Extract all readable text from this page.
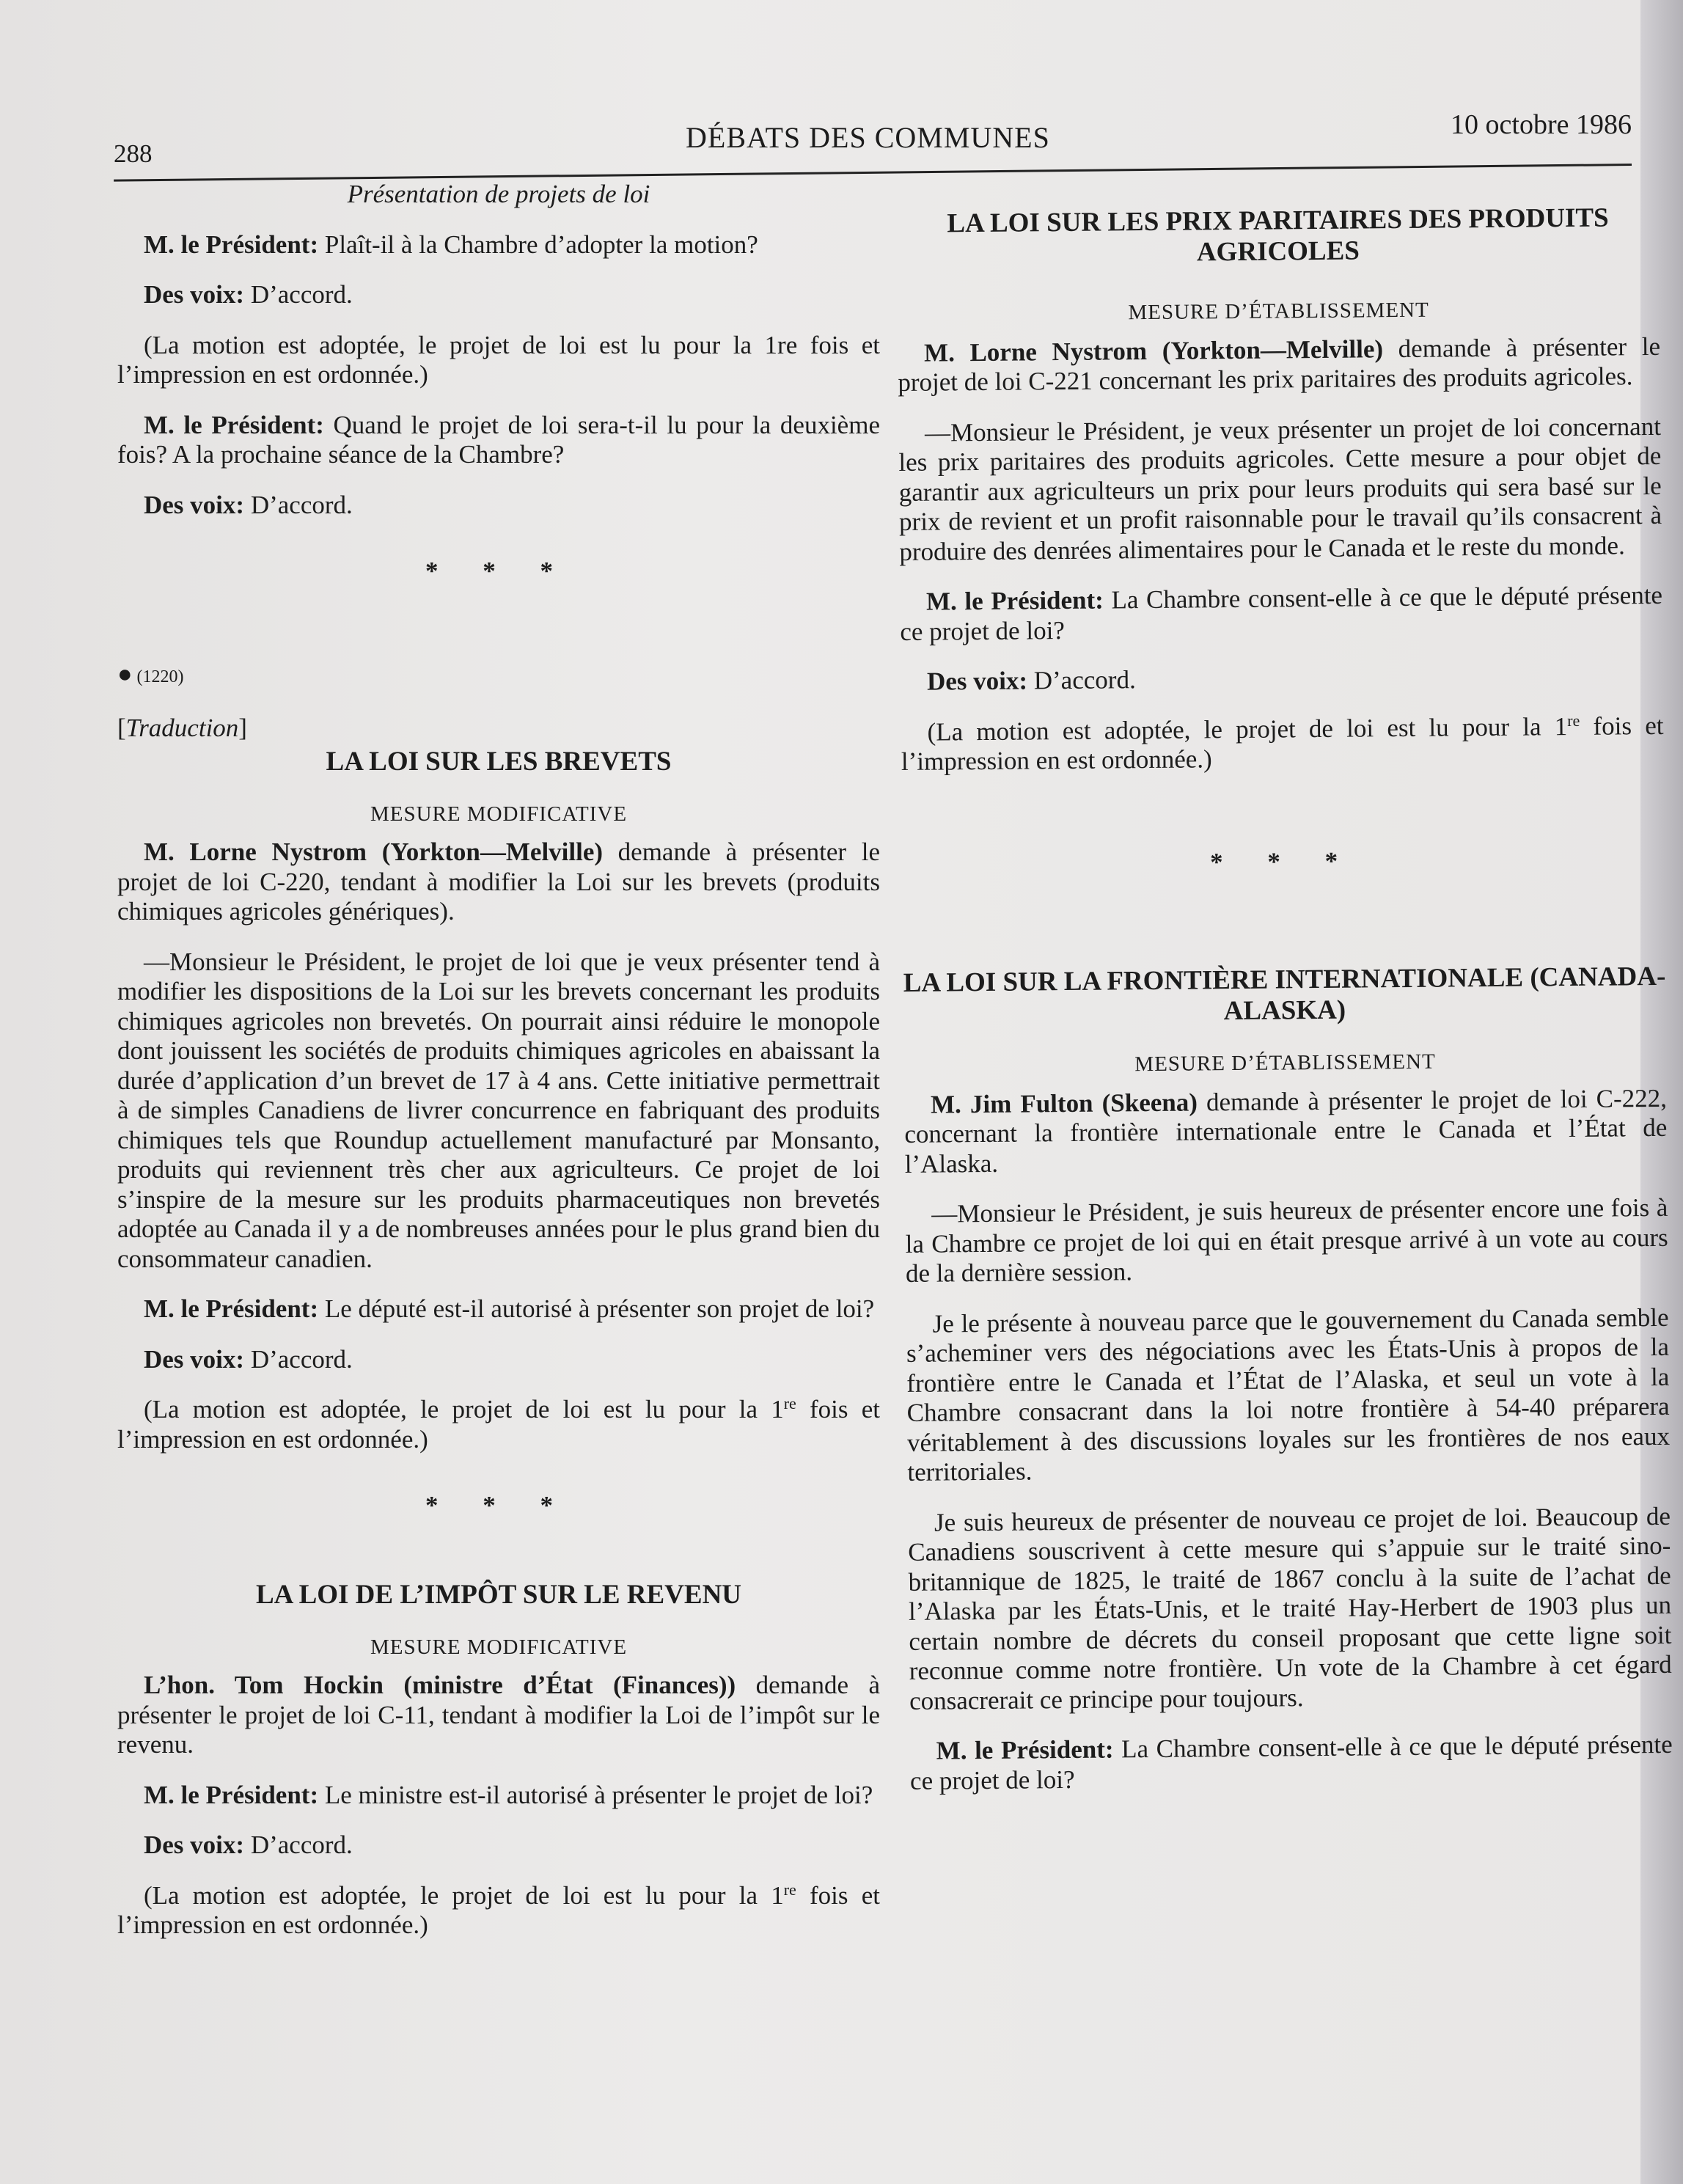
288	DÉBATS DES COMMUNES	10 octobre 1986

Présentation de projets de loi

M. le Président: Plaît-il à la Chambre d’adopter la motion?

Des voix: D’accord.

(La motion est adoptée, le projet de loi est lu pour la 1re fois et l’impression en est ordonnée.)

M. le Président: Quand le projet de loi sera-t-il lu pour la deuxième fois? A la prochaine séance de la Chambre?

Des voix: D’accord.

* * *
● (1220)
[Traduction]
LA LOI SUR LES BREVETS
MESURE MODIFICATIVE

M. Lorne Nystrom (Yorkton—Melville) demande à présenter le projet de loi C-220, tendant à modifier la Loi sur les brevets (produits chimiques agricoles génériques).

—Monsieur le Président, le projet de loi que je veux présenter tend à modifier les dispositions de la Loi sur les brevets concernant les produits chimiques agricoles non brevetés. On pourrait ainsi réduire le monopole dont jouissent les sociétés de produits chimiques agricoles en abaissant la durée d’application d’un brevet de 17 à 4 ans. Cette initiative permettrait à de simples Canadiens de livrer concurrence en fabriquant des produits chimiques tels que Roundup actuellement manufacturé par Monsanto, produits qui reviennent très cher aux agriculteurs. Ce projet de loi s’inspire de la mesure sur les produits pharmaceutiques non brevetés adoptée au Canada il y a de nombreuses années pour le plus grand bien du consommateur canadien.

M. le Président: Le député est-il autorisé à présenter son projet de loi?

Des voix: D’accord.

(La motion est adoptée, le projet de loi est lu pour la 1re fois et l’impression en est ordonnée.)

* * *
LA LOI DE L’IMPÔT SUR LE REVENU
MESURE MODIFICATIVE

L’hon. Tom Hockin (ministre d’État (Finances)) demande à présenter le projet de loi C-11, tendant à modifier la Loi de l’impôt sur le revenu.

M. le Président: Le ministre est-il autorisé à présenter le projet de loi?

Des voix: D’accord.

(La motion est adoptée, le projet de loi est lu pour la 1re fois et l’impression en est ordonnée.)

LA LOI SUR LES PRIX PARITAIRES DES PRODUITS AGRICOLES
MESURE D’ÉTABLISSEMENT

M. Lorne Nystrom (Yorkton—Melville) demande à présenter le projet de loi C-221 concernant les prix paritaires des produits agricoles.

—Monsieur le Président, je veux présenter un projet de loi concernant les prix paritaires des produits agricoles. Cette mesure a pour objet de garantir aux agriculteurs un prix pour leurs produits qui sera basé sur le prix de revient et un profit raisonnable pour le travail qu’ils consacrent à produire des denrées alimentaires pour le Canada et le reste du monde.

M. le Président: La Chambre consent-elle à ce que le député présente ce projet de loi?

Des voix: D’accord.

(La motion est adoptée, le projet de loi est lu pour la 1re fois et l’impression en est ordonnée.)

* * *
LA LOI SUR LA FRONTIÈRE INTERNATIONALE (CANADA-ALASKA)
MESURE D’ÉTABLISSEMENT

M. Jim Fulton (Skeena) demande à présenter le projet de loi C-222, concernant la frontière internationale entre le Canada et l’État de l’Alaska.

—Monsieur le Président, je suis heureux de présenter encore une fois à la Chambre ce projet de loi qui en était presque arrivé à un vote au cours de la dernière session.

Je le présente à nouveau parce que le gouvernement du Canada semble s’acheminer vers des négociations avec les États-Unis à propos de la frontière entre le Canada et l’État de l’Alaska, et seul un vote à la Chambre consacrant dans la loi notre frontière à 54-40 préparera véritablement à des discussions loyales sur les frontières de nos eaux territoriales.

Je suis heureux de présenter de nouveau ce projet de loi. Beaucoup de Canadiens souscrivent à cette mesure qui s’appuie sur le traité sino-britannique de 1825, le traité de 1867 conclu à la suite de l’achat de l’Alaska par les États-Unis, et le traité Hay-Herbert de 1903 plus un certain nombre de décrets du conseil proposant que cette ligne soit reconnue comme notre frontière. Un vote de la Chambre à cet égard consacrerait ce principe pour toujours.

M. le Président: La Chambre consent-elle à ce que le député présente ce projet de loi?
